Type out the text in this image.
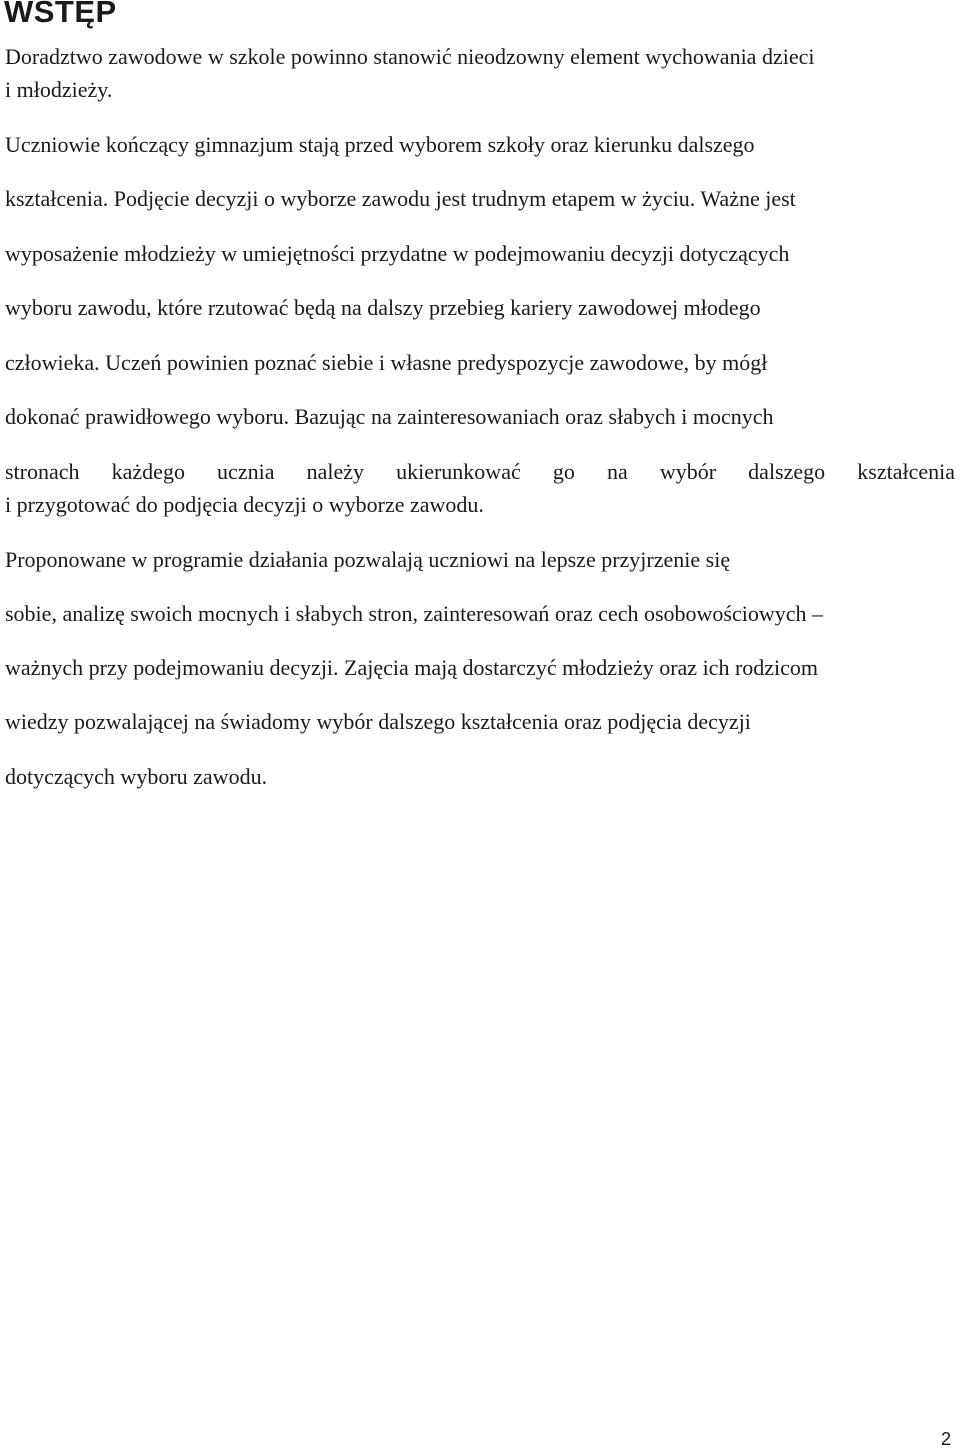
WSTĘP

Doradztwo zawodowe w szkole powinno stanowić nieodzowny element wychowania dzieci

i młodzieży.

Uczniowie kończący gimnazjum stają przed wyborem szkoły oraz kierunku dalszego

kształcenia. Podjęcie decyzji o wyborze zawodu jest trudnym etapem w życiu. Ważne jest

wyposażenie młodzieży w umiejętności przydatne w podejmowaniu decyzji dotyczących

wyboru zawodu, które rzutować będą na dalszy przebieg kariery zawodowej młodego

człowieka. Uczeń powinien poznać siebie i własne predyspozycje zawodowe, by mógł

dokonać prawidłowego wyboru. Bazując na zainteresowaniach oraz słabych i mocnych

stronach każdego ucznia należy ukierunkować go na wybór dalszego kształcenia

i przygotować do podjęcia decyzji o wyborze zawodu.

Proponowane w programie działania pozwalają uczniowi na lepsze przyjrzenie się

sobie, analizę swoich mocnych i słabych stron, zainteresowań oraz cech osobowościowych –

ważnych przy podejmowaniu decyzji. Zajęcia mają dostarczyć młodzieży oraz ich rodzicom

wiedzy pozwalającej na świadomy wybór dalszego kształcenia oraz podjęcia decyzji

dotyczących wyboru zawodu.

2
